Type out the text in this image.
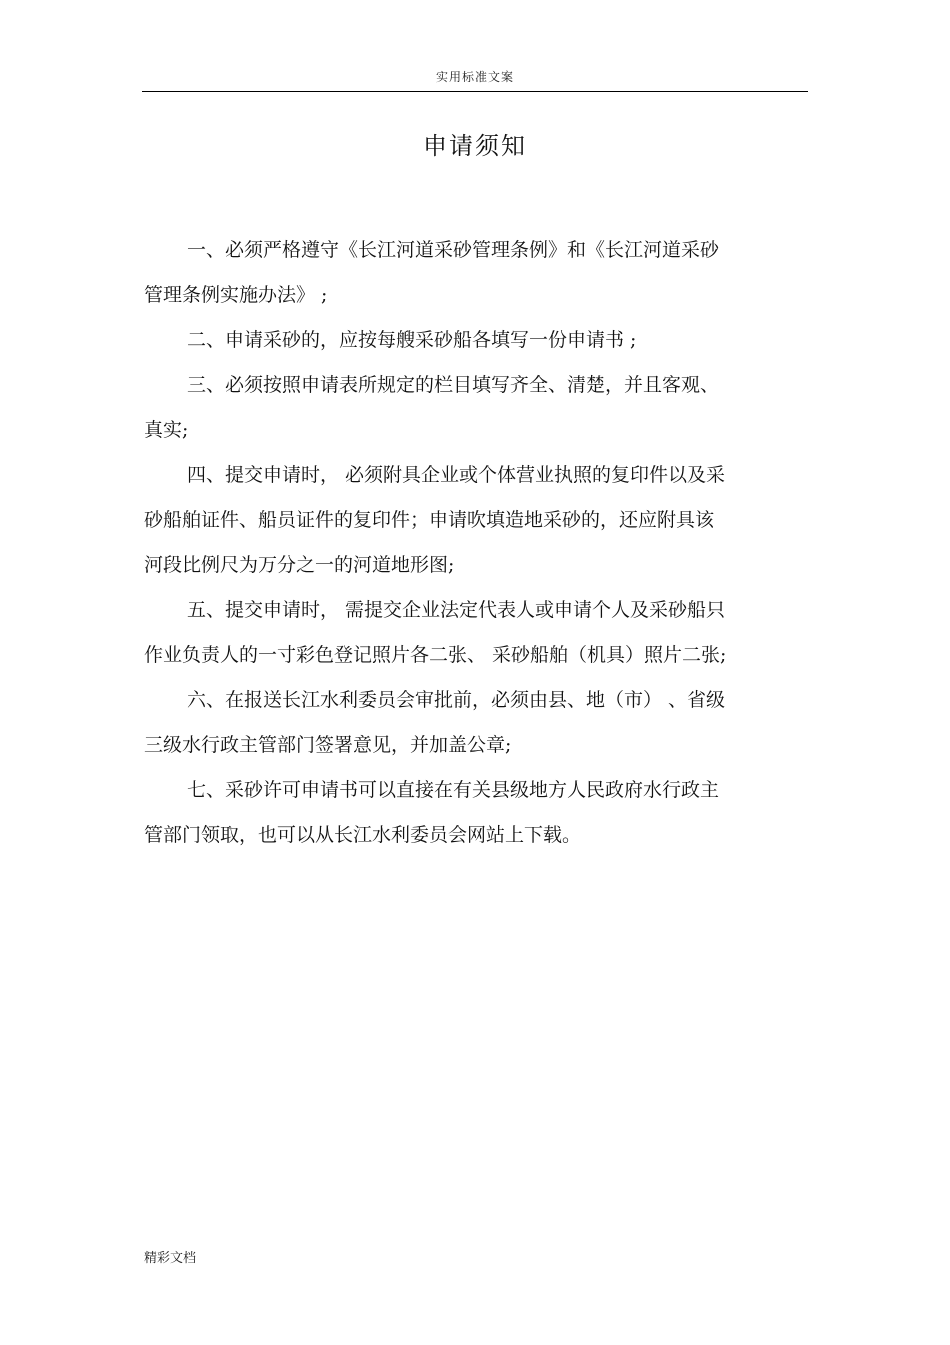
实用标准文案
申请须知
一、必须严格遵守《长江河道采砂管理条例》和《长江河道采砂
管理条例实施办法》 ;
二、申请采砂的，应按每艘采砂船各填写一份申请书 ;
三、必须按照申请表所规定的栏目填写齐全、清楚，并且客观、
真实;
四、提交申请时， 必须附具企业或个体营业执照的复印件以及采
砂船舶证件、船员证件的复印件；申请吹填造地采砂的，还应附具该
河段比例尺为万分之一的河道地形图;
五、提交申请时， 需提交企业法定代表人或申请个人及采砂船只
作业负责人的一寸彩色登记照片各二张、 采砂船舶（机具）照片二张;
六、在报送长江水利委员会审批前，必须由县、地（市） 、省级
三级水行政主管部门签署意见，并加盖公章;
七、采砂许可申请书可以直接在有关县级地方人民政府水行政主
管部门领取，也可以从长江水利委员会网站上下载。
精彩文档
